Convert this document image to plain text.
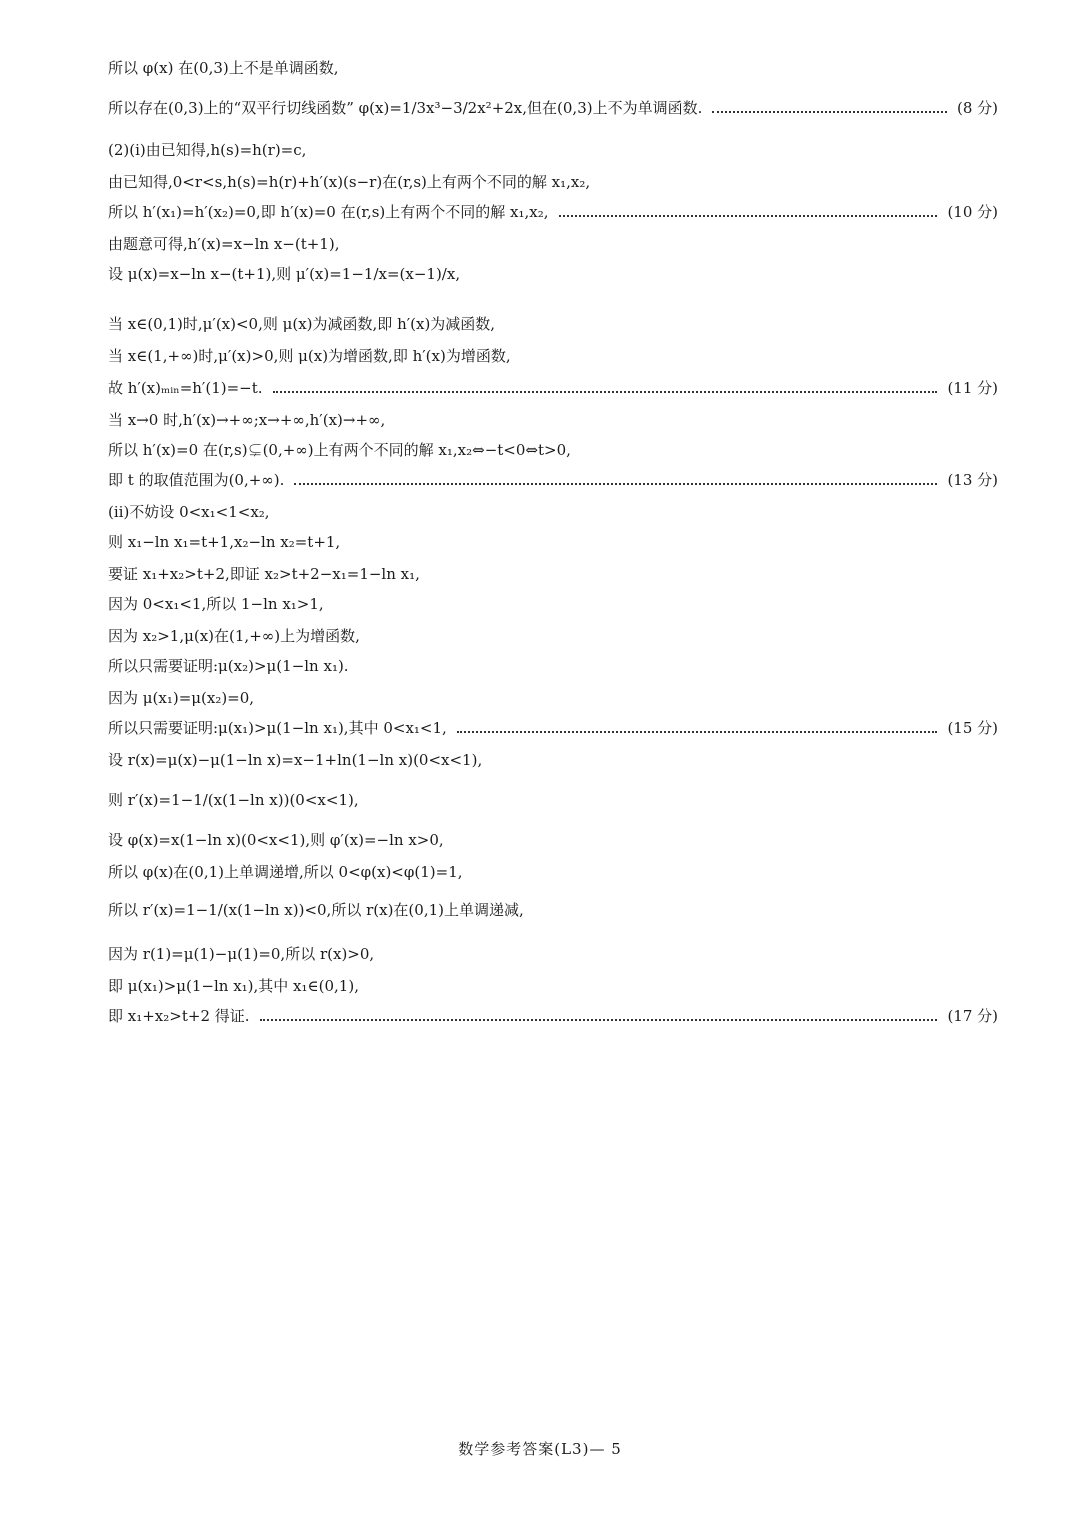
所以 φ(x) 在(0,3)上不是单调函数,
所以存在(0,3)上的“双平行切线函数” φ(x)=1/3x³−3/2x²+2x,但在(0,3)上不为单调函数.	(8 分)
(2)(ⅰ)由已知得,h(s)=h(r)=c,
由已知得,0<r<s,h(s)=h(r)+h′(x)(s−r)在(r,s)上有两个不同的解 x₁,x₂,
所以 h′(x₁)=h′(x₂)=0,即 h′(x)=0 在(r,s)上有两个不同的解 x₁,x₂,	(10 分)
由题意可得,h′(x)=x−ln x−(t+1),
设 μ(x)=x−ln x−(t+1),则 μ′(x)=1−1/x=(x−1)/x,
当 x∈(0,1)时,μ′(x)<0,则 μ(x)为减函数,即 h′(x)为减函数,
当 x∈(1,+∞)时,μ′(x)>0,则 μ(x)为增函数,即 h′(x)为增函数,
故 h′(x)ₘᵢₙ=h′(1)=−t.	(11 分)
当 x→0 时,h′(x)→+∞;x→+∞,h′(x)→+∞,
所以 h′(x)=0 在(r,s)⊊(0,+∞)上有两个不同的解 x₁,x₂⇔−t<0⇔t>0,
即 t 的取值范围为(0,+∞).	(13 分)
(ⅱ)不妨设 0<x₁<1<x₂,
则 x₁−ln x₁=t+1,x₂−ln x₂=t+1,
要证 x₁+x₂>t+2,即证 x₂>t+2−x₁=1−ln x₁,
因为 0<x₁<1,所以 1−ln x₁>1,
因为 x₂>1,μ(x)在(1,+∞)上为增函数,
所以只需要证明:μ(x₂)>μ(1−ln x₁).
因为 μ(x₁)=μ(x₂)=0,
所以只需要证明:μ(x₁)>μ(1−ln x₁),其中 0<x₁<1,	(15 分)
设 r(x)=μ(x)−μ(1−ln x)=x−1+ln(1−ln x)(0<x<1),
则 r′(x)=1−1/(x(1−ln x))(0<x<1),
设 φ(x)=x(1−ln x)(0<x<1),则 φ′(x)=−ln x>0,
所以 φ(x)在(0,1)上单调递增,所以 0<φ(x)<φ(1)=1,
所以 r′(x)=1−1/(x(1−ln x))<0,所以 r(x)在(0,1)上单调递减,
因为 r(1)=μ(1)−μ(1)=0,所以 r(x)>0,
即 μ(x₁)>μ(1−ln x₁),其中 x₁∈(0,1),
即 x₁+x₂>t+2 得证.	(17 分)
数学参考答案(L3)— 5
